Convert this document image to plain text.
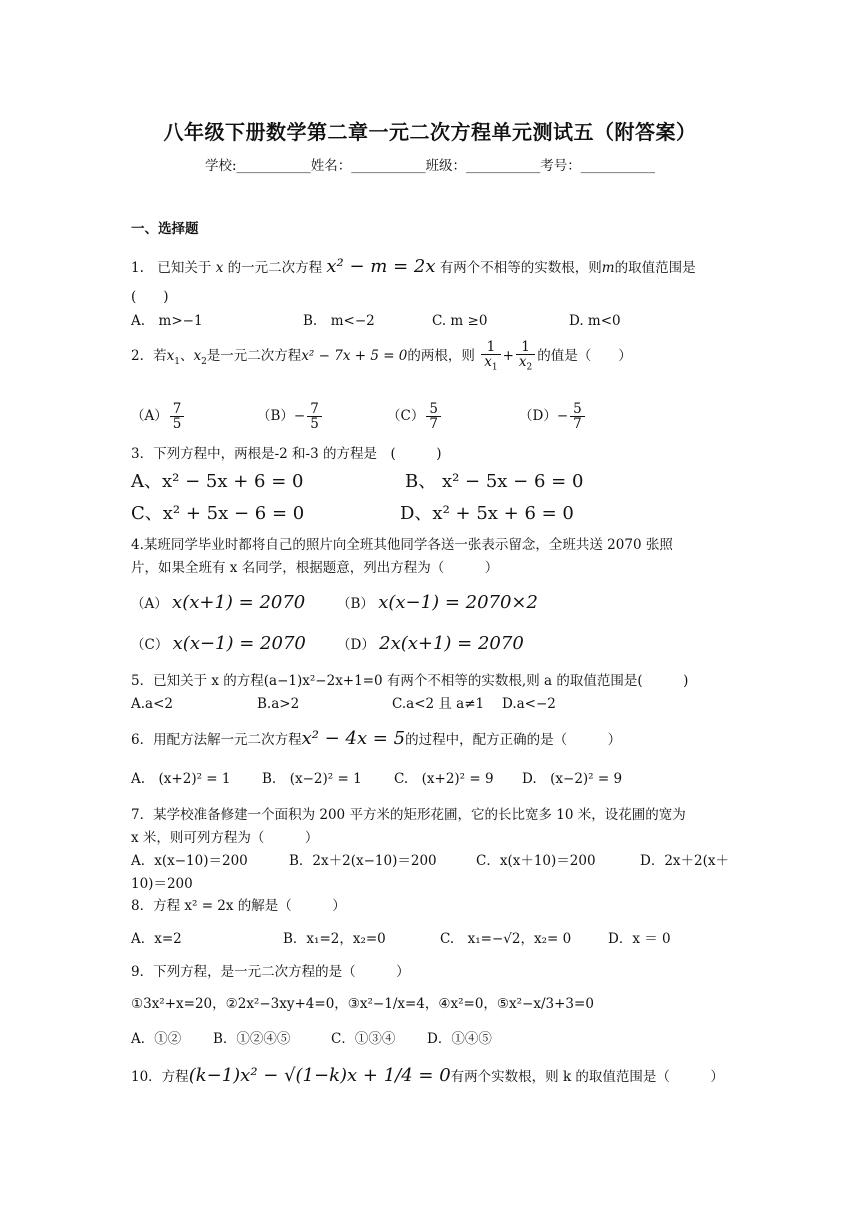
八年级下册数学第二章一元二次方程单元测试五（附答案）
学校:___________姓名：___________班级：___________考号：___________
一、选择题
1.　已知关于 x 的一元二次方程 x² − m = 2x 有两个不相等的实数根，则m的取值范围是
(　　)
A.　m>−1	B.　m<−2	C. m ≥0	D. m<0
2．若$x_1$、$x_2$是一元二次方程x² − 7x + 5 = 0的两根，则 $\frac{1}{x_1} + \frac{1}{x_2}$ 的值是（　　）
$(A) \frac{7}{5}$	$(B)- \frac{7}{5}$	$(C) \frac{5}{7}$	$(D)- \frac{5}{7}$
3．下列方程中，两根是-2 和-3 的方程是　(　　　)
A、x² − 5x + 6 = 0	B、 x² − 5x − 6 = 0
C、x² + 5x − 6 = 0	D、x² + 5x + 6 = 0
4.某班同学毕业时都将自己的照片向全班其他同学各送一张表示留念，全班共送 2070 张照
片，如果全班有 x 名同学，根据题意，列出方程为（　　　）
（A） x(x+1) = 2070 （B） x(x−1) = 2070×2
（C） x(x−1) = 2070 （D） 2x(x+1) = 2070
5．已知关于 x 的方程(a−1)x²−2x+1=0 有两个不相等的实数根,则 a 的取值范围是(　　　)
A.a<2	B.a>2	C.a<2 且 a≠1 D.a<−2
6．用配方法解一元二次方程x² − 4x = 5的过程中，配方正确的是（　　　）
A.　(x+2)² = 1 B.　(x−2)² = 1 C.　(x+2)² = 9 D.　(x−2)² = 9
7．某学校准备修建一个面积为 200 平方米的矩形花圃，它的长比宽多 10 米，设花圃的宽为
x 米，则可列方程为（　　　）
A．x(x−10)＝200	B．2x＋2(x−10)＝200	C．x(x＋10)＝200	D．2x＋2(x＋
10)＝200
8．方程 x² = 2x 的解是（　　　）
A．x=2	B．x₁=2，x₂=0	C.　x₁=−√2，x₂= 0	D．x ＝ 0
9．下列方程，是一元二次方程的是（　　　）
①3x²+x=20，②2x²−3xy+4=0，③x²−1/x=4，④x²=0，⑤x²−x/3+3=0
A．①② B．①②④⑤	C．①③④ D．①④⑤
10．方程(k−1)x² − √(1−k)x + 1/4 = 0有两个实数根，则 k 的取值范围是（　　　）
